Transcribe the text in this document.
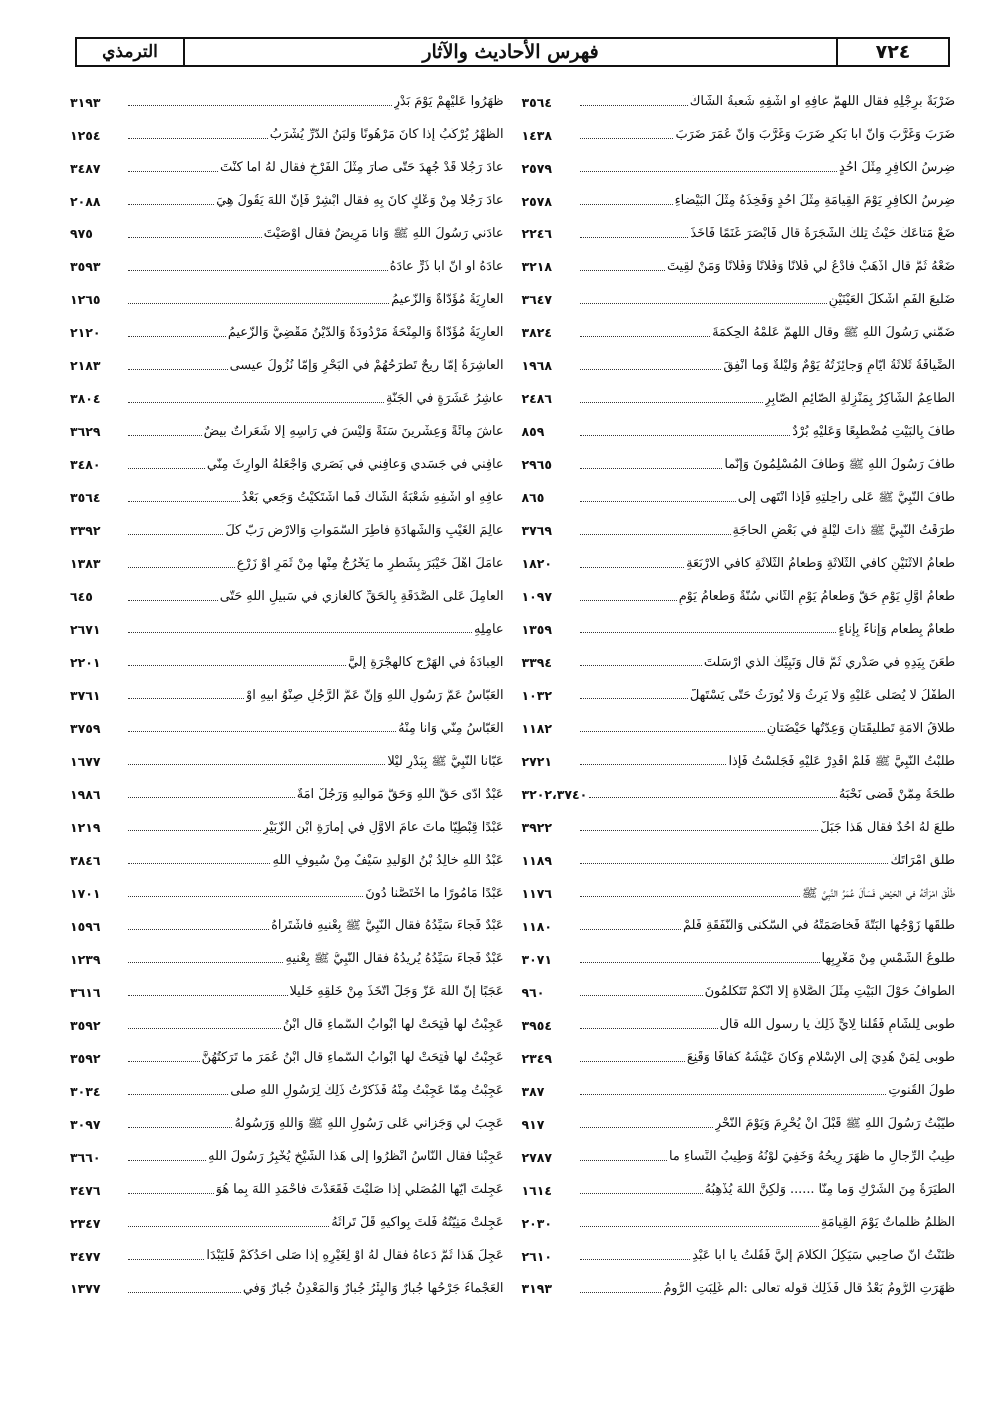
٧٢٤
فهرس الأحاديث والآثار
الترمذي
ضَرْبَةٌ برِجْلِهِ فقال اللَّهمَّ عافِهِ أو اشْفِهِ شُعبةُ الشّاكُّ
٣٥٦٤
ضَرَبَ وَغَرَّبَ وَأنَّ أبا بَكرٍ ضَرَبَ وَغَرَّبَ وَأنَّ عُمَرَ ضَرَبَ
١٤٣٨
ضِرسُ الكافِرِ مِثْلُ أُحُدٍ
٢٥٧٩
ضِرسُ الكافِرِ يَوْمَ القِيامَةِ مِثْلُ أُحُدٍ وَفَخِذُهُ مِثْلُ البَيْضاءِ
٢٥٧٨
ضَعْ مَتاعَكَ حَيْثُ تِلْكَ الشَّجَرَةُ قال فَأبْصَرَ غَنَمًا فَأخَذَ
٢٢٤٦
ضَعْهُ ثُمَّ قال اذْهَبْ فادْعُ لي فُلانًا وَفُلانًا وَفُلانًا وَمَنْ لَقِيتَ
٣٢١٨
ضَليعَ الفَمِ أشْكَلَ العَيْنَيْنِ
٣٦٤٧
ضَمَّني رَسُولُ اللهِ ﷺ وقال اللَّهمَّ عَلِّمْهُ الحِكْمَةَ
٣٨٢٤
الضِّيافَةُ ثَلاثَةُ أيّامٍ وَجائِزَتُهُ يَوْمٌ وَلَيْلَةٌ وَما أُنْفِقَ
١٩٦٨
الطّاعِمُ الشّاكِرُ بِمَنْزِلَةِ الصّائِمِ الصّابِرِ
٢٤٨٦
طافَ بِالبَيْتِ مُضْطَبِعًا وَعَلَيْهِ بُرْدٌ
٨٥٩
طافَ رَسُولُ اللهِ ﷺ وَطافَ المُسْلِمُونَ وَإنَّما
٢٩٦٥
طافَ النَّبِيُّ ﷺ عَلى راحِلَتِهِ فَإذا انْتَهى إلى
٨٦٥
طَرَقْتُ النَّبِيَّ ﷺ ذاتَ لَيْلَةٍ في بَعْضِ الحاجَةِ
٣٧٦٩
طَعامُ الاثْنَيْنِ كافي الثَّلاثَةِ وَطَعامُ الثَّلاثَةِ كافي الأرْبَعَةِ
١٨٢٠
طَعامُ أوَّلِ يَوْمٍ حَقٌّ وَطَعامُ يَوْمِ الثّاني سُنَّةٌ وَطَعامُ يَوْمِ
١٠٩٧
طَعامٌ بِطَعامٍ وَإناءٌ بِإناءٍ
١٣٥٩
طَعَنَ بِيَدِهِ في صَدْري ثُمَّ قال وَنَبِيِّكَ الذي أرْسَلْتَ
٣٣٩٤
الطِّفْلُ لا يُصَلّى عَلَيْهِ وَلا يَرِثُ وَلا يُورَثُ حَتّى يَسْتَهِلَّ
١٠٣٢
طَلاقُ الأمَةِ تَطْليقَتانِ وَعِدَّتُها حَيْضَتانِ
١١٨٢
طَلَبْتُ النَّبِيَّ ﷺ فَلَمْ أقْدِرْ عَلَيْهِ فَجَلَسْتُ فَإذا
٢٧٢١
طَلْحَةُ مِمَّنْ قَضى نَحْبَهُ
٣٢٠٢،٣٧٤٠
طَلَعَ لَهُ أُحُدٌ فقال هَذا جَبَلٌ
٣٩٢٢
طَلِّقِ امْرَأتَكَ
١١٨٩
طَلَّقَ امْرَأتَهُ في الحَيْضِ فَسَألَ عُمَرُ النَّبِيَّ ﷺ
١١٧٦
طَلَّقَها زَوْجُها البَتَّةَ فَخاصَمَتْهُ في السُّكْنى وَالنَّفَقَةِ فَلَمْ
١١٨٠
طُلوعُ الشَّمْسِ مِنْ مَغْرِبِها
٣٠٧١
الطَّوافُ حَوْلَ البَيْتِ مِثْلُ الصَّلاةِ إلّا أنَّكُمْ تَتَكَلَّمُونَ
٩٦٠
طُوبى لِلشّامِ فَقُلْنا لِأيٍّ ذَلِكَ يا رسول الله قال
٣٩٥٤
طُوبى لِمَنْ هُدِيَ إلى الإسْلامِ وَكانَ عَيْشُهُ كَفافًا وَقَنِعَ
٢٣٤٩
طُولُ القُنوتِ
٣٨٧
طَيَّبْتُ رَسُولَ اللهِ ﷺ قَبْلَ أنْ يُحْرِمَ وَيَوْمَ النَّحْرِ
٩١٧
طِيبُ الرِّجالِ ما ظَهَرَ رِيحُهُ وَخَفِيَ لَوْنُهُ وَطِيبُ النِّساءِ ما
٢٧٨٧
الطِّيَرَةُ مِنَ الشِّرْكِ وَما مِنّا ...... وَلَكِنَّ اللهَ يُذْهِبُهُ
١٦١٤
الظُّلْمُ ظُلُماتٌ يَوْمَ القِيامَةِ
٢٠٣٠
ظَنَنْتُ أنَّ صاحِبي سَيَكِلُ الكَلامَ إلَيَّ فَقُلْتُ يا أبا عَبْدِ
٢٦١٠
ظَهَرَتِ الرُّومُ بَعْدُ قال فَذَلِكَ قوله تعالى :الم غُلِبَتِ الرُّومُ
٣١٩٣
ظَهَرُوا عَلَيْهِمْ يَوْمَ بَدْرٍ
٣١٩٣
الظَّهْرُ يُرْكَبُ إذا كانَ مَرْهُونًا وَلَبَنُ الدَّرِّ يُشْرَبُ
١٢٥٤
عادَ رَجُلًا قَدْ جُهِدَ حَتّى صارَ مِثْلَ الفَرْخِ فقال لَهُ أما كُنْتَ
٣٤٨٧
عادَ رَجُلًا مِنْ وَعْكٍ كانَ بِهِ فقال أبْشِرْ فَإنَّ اللهَ يَقُولُ هِيَ
٢٠٨٨
عادَني رَسُولُ اللهِ ﷺ وَأنا مَرِيضٌ فقال أوْصَيْتَ
٩٧٥
عادَهُ أو أنَّ أبا ذَرٍّ عادَهُ
٣٥٩٣
العارِيَةُ مُؤَدّاةٌ وَالزَّعيمُ
١٢٦٥
العارِيَةُ مُؤَدّاةٌ وَالمِنْحَةُ مَرْدُودَةٌ وَالدَّيْنُ مَقْضِيٌّ وَالزَّعيمُ
٢١٢٠
العاشِرَةُ إمّا ريحٌ تَطْرَحُهُمْ في البَحْرِ وَإمّا نُزُولُ عيسى
٢١٨٣
عاشِرُ عَشَرَةٍ في الجَنَّةِ
٣٨٠٤
عاشَ مِائَةً وَعِشْرينَ سَنَةً وَلَيْسَ في رَأْسِهِ إلّا شَعَراتٌ بيضٌ
٣٦٢٩
عافِني في جَسَدي وَعافِني في بَصَري وَاجْعَلْهُ الوارِثَ مِنّي
٣٤٨٠
عافِهِ أو اشْفِهِ شُعْبَةُ الشّاكُّ فَما اشْتَكَيْتُ وَجَعي بَعْدُ
٣٥٦٤
عالِمَ الغَيْبِ وَالشَّهادَةِ فاطِرَ السَّمَواتِ وَالأرْضِ رَبَّ كُلِّ
٣٣٩٢
عامَلَ أهْلَ خَيْبَرَ بِشَطْرِ ما يَخْرُجُ مِنْها مِنْ ثَمَرٍ أوْ زَرْعٍ
١٣٨٣
العامِلُ عَلى الصَّدَقَةِ بِالحَقِّ كالغازي في سَبيلِ اللهِ حَتّى
٦٤٥
عامِلِهِ
٢٦٧١
العِبادَةُ في الهَرْجِ كالهِجْرَةِ إلَيَّ
٢٢٠١
العَبّاسُ عَمُّ رَسُولِ اللهِ وَإنَّ عَمَّ الرَّجُلِ صِنْوُ أبيهِ أوْ
٣٧٦١
العَبّاسُ مِنّي وَأنا مِنْهُ
٣٧٥٩
عَبَّأنا النَّبِيُّ ﷺ بِبَدْرٍ لَيْلًا
١٦٧٧
عَبْدٌ أدّى حَقَّ اللهِ وَحَقَّ مَواليهِ وَرَجُلٌ أمَةٌ
١٩٨٦
عَبْدًا قِبْطِيًّا ماتَ عامَ الأوَّلِ في إمارَةِ ابْنِ الزُّبَيْرِ
١٢١٩
عَبْدُ اللهِ خالِدُ بْنُ الوَليدِ سَيْفٌ مِنْ سُيوفِ اللهِ
٣٨٤٦
عَبْدًا مَأْمُورًا ما اخْتَصَّنا دُونَ
١٧٠١
عَبْدٌ فَجاءَ سَيِّدُهُ فقال النَّبِيُّ ﷺ بِعْنيهِ فاشْتَراهُ
١٥٩٦
عَبْدٌ فَجاءَ سَيِّدُهُ يُريدُهُ فقال النَّبِيُّ ﷺ بِعْنيهِ
١٢٣٩
عَجَبًا إنَّ اللهَ عَزَّ وَجَلَّ اتَّخَذَ مِنْ خَلْقِهِ خَليلًا
٣٦١٦
عَجِبْتُ لَها فُتِحَتْ لَها أبْوابُ السَّماءِ قال ابْنُ
٣٥٩٢
عَجِبْتُ لَها فُتِحَتْ لَها أبْوابُ السَّماءِ قال ابْنُ عُمَرَ ما تَرَكْتُهُنَّ
٣٥٩٢
عَجِبْتُ مِمّا عَجِبْتُ مِنْهُ فَذَكَرْتُ ذَلِكَ لِرَسُولِ اللهِ صلى
٣٠٣٤
عَجِبَ لي وَجَزاني عَلى رَسُولِ اللهِ ﷺ وَاللهِ وَرَسُولُهُ
٣٠٩٧
عَجِبْنا فقال النّاسُ انْظُرُوا إلى هَذا الشَّيْخِ يُخْبِرُ رَسُولَ اللهِ
٣٦٦٠
عَجِلْتَ أيُّها المُصَلّي إذا صَلَّيْتَ فَقَعَدْتَ فاحْمَدِ اللهَ بِما هُوَ
٣٤٧٦
عَجِلَتْ مَنِيَّتُهُ فَلْتَ بِواكيهِ قَلَّ تَراثُهُ
٢٣٤٧
عَجِلَ هَذا ثُمَّ دَعاهُ فقال لَهُ أوْ لِغَيْرِهِ إذا صَلّى أحَدُكُمْ فَلْيَبْدَأْ
٣٤٧٧
العَجْماءُ جَرْحُها جُبارٌ وَالبِئْرُ جُبارٌ وَالمَعْدِنُ جُبارٌ وَفي
١٣٧٧
